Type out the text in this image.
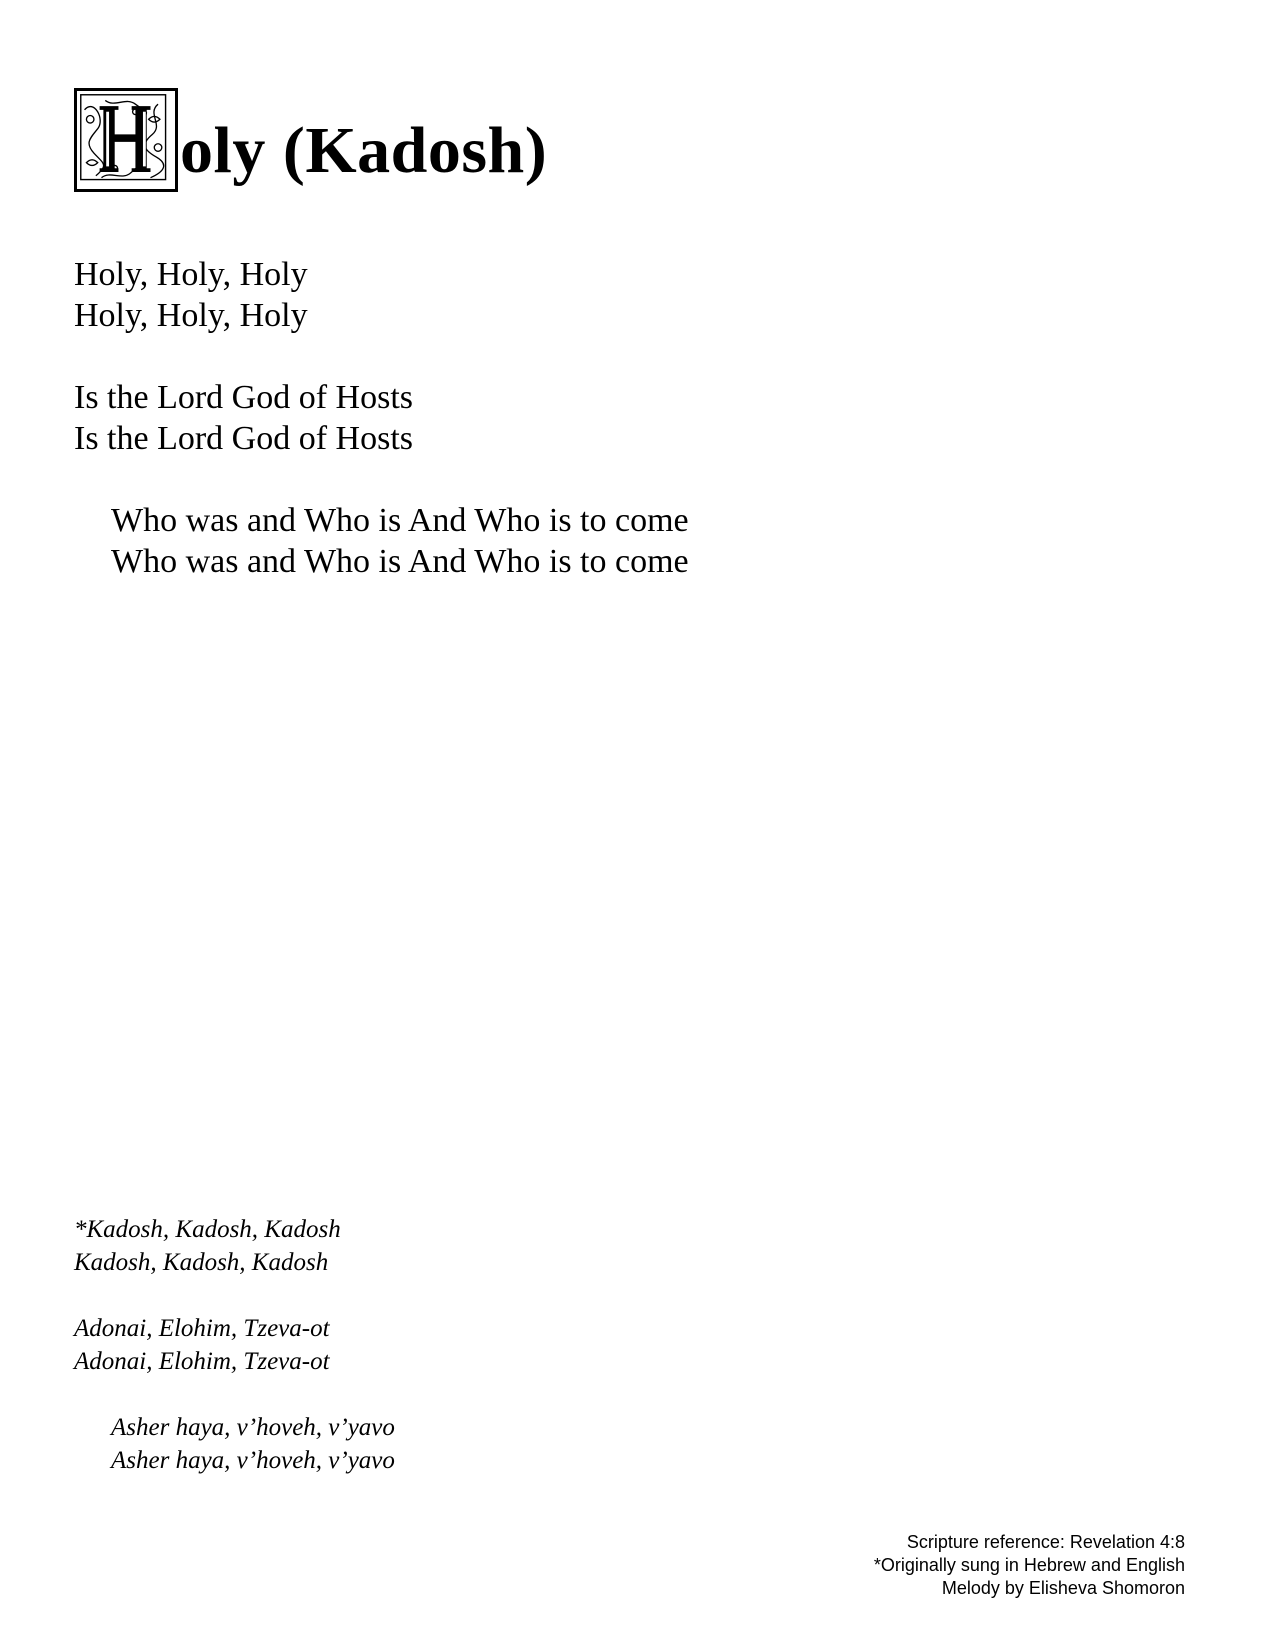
oly (Kadosh)
Holy, Holy, Holy
Holy, Holy, Holy
Is the Lord God of Hosts
Is the Lord God of Hosts
Who was and Who is And Who is to come
Who was and Who is And Who is to come
*Kadosh, Kadosh, Kadosh
Kadosh, Kadosh, Kadosh
Adonai, Elohim, Tzeva-ot
Adonai, Elohim, Tzeva-ot
Asher haya, v’hoveh, v’yavo
Asher haya, v’hoveh, v’yavo
Scripture reference: Revelation 4:8
*Originally sung in Hebrew and English
Melody by Elisheva Shomoron
